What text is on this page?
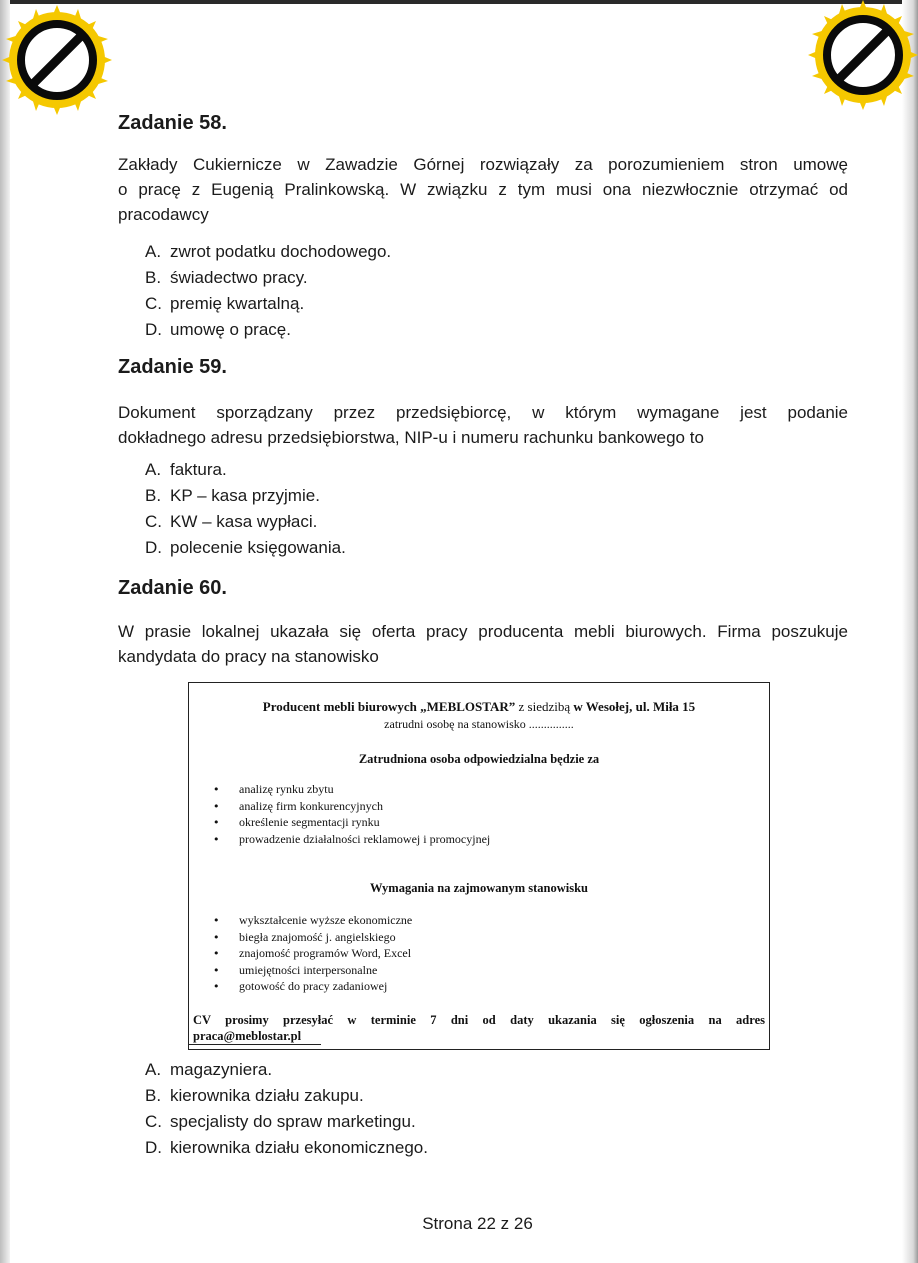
Zadanie 58.
Zakłady Cukiernicze w Zawadzie Górnej rozwiązały za porozumieniem stron umowę
o pracę z Eugenią Pralinkowską. W związku z tym musi ona niezwłocznie otrzymać od
pracodawcy
A. zwrot podatku dochodowego.
B. świadectwo pracy.
C. premię kwartalną.
D. umowę o pracę.
Zadanie 59.
Dokument sporządzany przez przedsiębiorcę, w którym wymagane jest podanie
dokładnego adresu przedsiębiorstwa, NIP-u i numeru rachunku bankowego to
A. faktura.
B. KP – kasa przyjmie.
C. KW – kasa wypłaci.
D. polecenie księgowania.
Zadanie 60.
W prasie lokalnej ukazała się oferta pracy producenta mebli biurowych. Firma poszukuje
kandydata do pracy na stanowisko
Producent mebli biurowych „MEBLOSTAR” z siedzibą w Wesołej, ul. Miła 15
zatrudni osobę na stanowisko ...............
Zatrudniona osoba odpowiedzialna będzie za
• analizę rynku zbytu
• analizę firm konkurencyjnych
• określenie segmentacji rynku
• prowadzenie działalności reklamowej i promocyjnej
Wymagania na zajmowanym stanowisku
• wykształcenie wyższe ekonomiczne
• biegła znajomość j. angielskiego
• znajomość programów Word, Excel
• umiejętności interpersonalne
• gotowość do pracy zadaniowej
CV prosimy przesyłać w terminie 7 dni od daty ukazania się ogłoszenia na adres
praca@meblostar.pl
A. magazyniera.
B. kierownika działu zakupu.
C. specjalisty do spraw marketingu.
D. kierownika działu ekonomicznego.
Strona 22 z 26
